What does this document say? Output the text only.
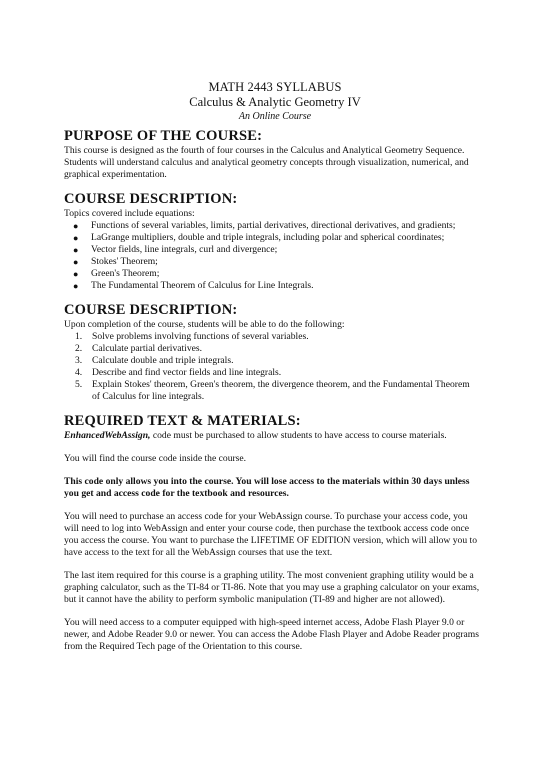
MATH 2443 SYLLABUS
Calculus & Analytic Geometry IV
An Online Course
PURPOSE OF THE COURSE:

This course is designed as the fourth of four courses in the Calculus and Analytical Geometry Sequence. Students will understand calculus and analytical geometry concepts through visualization, numerical, and graphical experimentation.

COURSE DESCRIPTION:

Topics covered include equations:

● Functions of several variables, limits, partial derivatives, directional derivatives, and gradients;
● LaGrange multipliers, double and triple integrals, including polar and spherical coordinates;
● Vector fields, line integrals, curl and divergence;
● Stokes' Theorem;
● Green's Theorem;
● The Fundamental Theorem of Calculus for Line Integrals.
COURSE DESCRIPTION:

Upon completion of the course, students will be able to do the following:

1. Solve problems involving functions of several variables.
2. Calculate partial derivatives.
3. Calculate double and triple integrals.
4. Describe and find vector fields and line integrals.
5. Explain Stokes' theorem, Green's theorem, the divergence theorem, and the Fundamental Theorem of Calculus for line integrals.
REQUIRED TEXT & MATERIALS:

EnhancedWebAssign, code must be purchased to allow students to have access to course materials.

You will find the course code inside the course.

This code only allows you into the course. You will lose access to the materials within 30 days unless you get and access code for the textbook and resources.

You will need to purchase an access code for your WebAssign course. To purchase your access code, you will need to log into WebAssign and enter your course code, then purchase the textbook access code once you access the course. You want to purchase the LIFETIME OF EDITION version, which will allow you to have access to the text for all the WebAssign courses that use the text.

The last item required for this course is a graphing utility. The most convenient graphing utility would be a graphing calculator, such as the TI-84 or TI-86. Note that you may use a graphing calculator on your exams, but it cannot have the ability to perform symbolic manipulation (TI-89 and higher are not allowed).

You will need access to a computer equipped with high-speed internet access, Adobe Flash Player 9.0 or newer, and Adobe Reader 9.0 or newer. You can access the Adobe Flash Player and Adobe Reader programs from the Required Tech page of the Orientation to this course.
